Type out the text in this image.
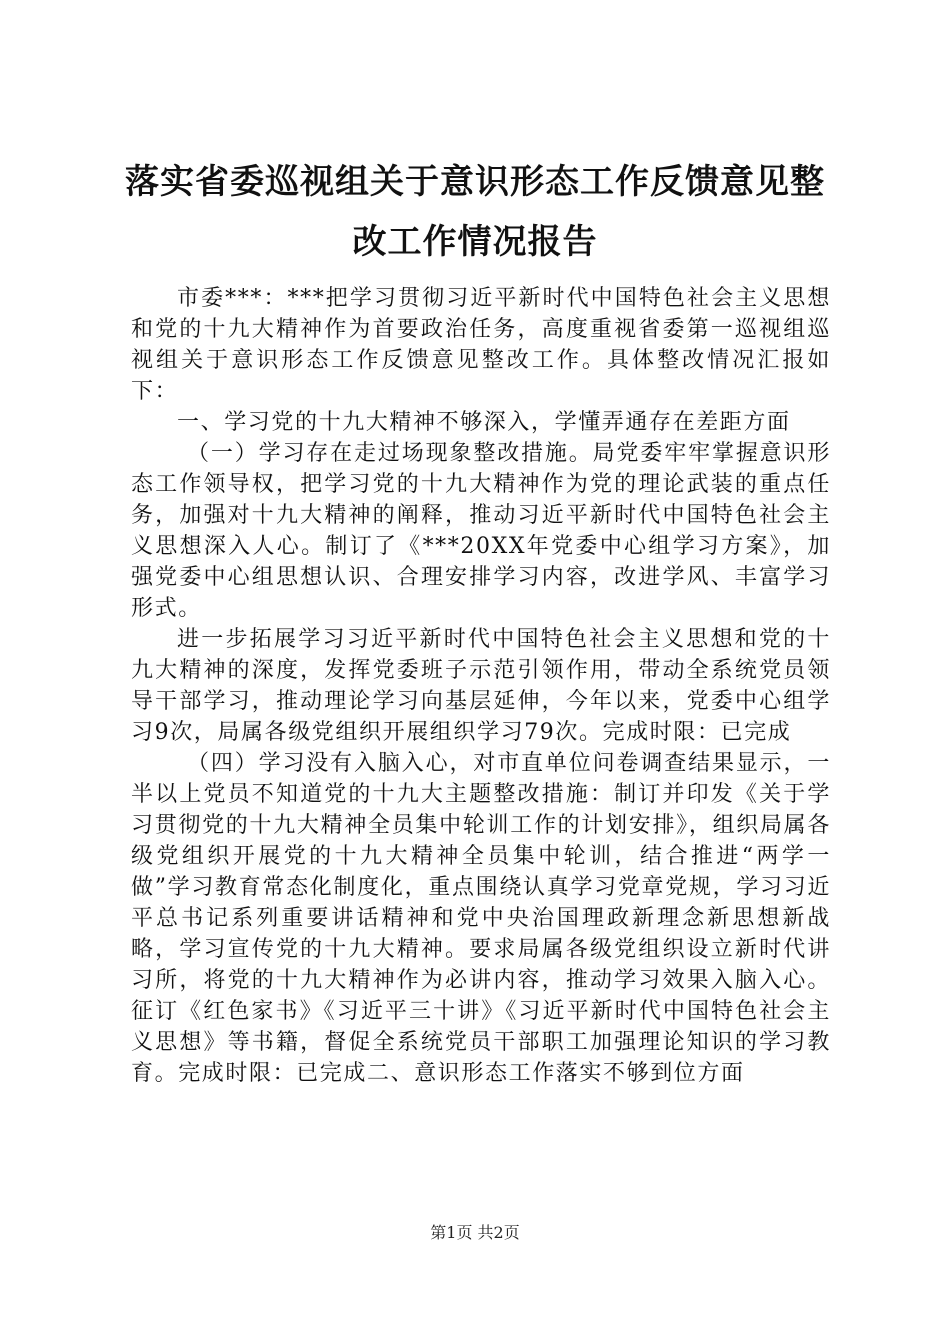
落实省委巡视组关于意识形态工作反馈意见整
改工作情况报告

市委***：***把学习贯彻习近平新时代中国特色社会主义思想和党的十九大精神作为首要政治任务，高度重视省委第一巡视组巡视组关于意识形态工作反馈意见整改工作。具体整改情况汇报如下：

一、学习党的十九大精神不够深入，学懂弄通存在差距方面

（一）学习存在走过场现象整改措施。局党委牢牢掌握意识形态工作领导权，把学习党的十九大精神作为党的理论武装的重点任务，加强对十九大精神的阐释，推动习近平新时代中国特色社会主义思想深入人心。制订了《***20XX年党委中心组学习方案》，加强党委中心组思想认识、合理安排学习内容，改进学风、丰富学习形式。

进一步拓展学习习近平新时代中国特色社会主义思想和党的十九大精神的深度，发挥党委班子示范引领作用，带动全系统党员领导干部学习，推动理论学习向基层延伸，今年以来，党委中心组学习9次，局属各级党组织开展组织学习79次。完成时限：已完成

（四）学习没有入脑入心，对市直单位问卷调查结果显示，一半以上党员不知道党的十九大主题整改措施：制订并印发《关于学习贯彻党的十九大精神全员集中轮训工作的计划安排》，组织局属各级党组织开展党的十九大精神全员集中轮训，结合推进“两学一做”学习教育常态化制度化，重点围绕认真学习党章党规，学习习近平总书记系列重要讲话精神和党中央治国理政新理念新思想新战略，学习宣传党的十九大精神。要求局属各级党组织设立新时代讲习所，将党的十九大精神作为必讲内容，推动学习效果入脑入心。征订《红色家书》《习近平三十讲》《习近平新时代中国特色社会主义思想》等书籍，督促全系统党员干部职工加强理论知识的学习教育。完成时限：已完成二、意识形态工作落实不够到位方面

第1页 共2页
